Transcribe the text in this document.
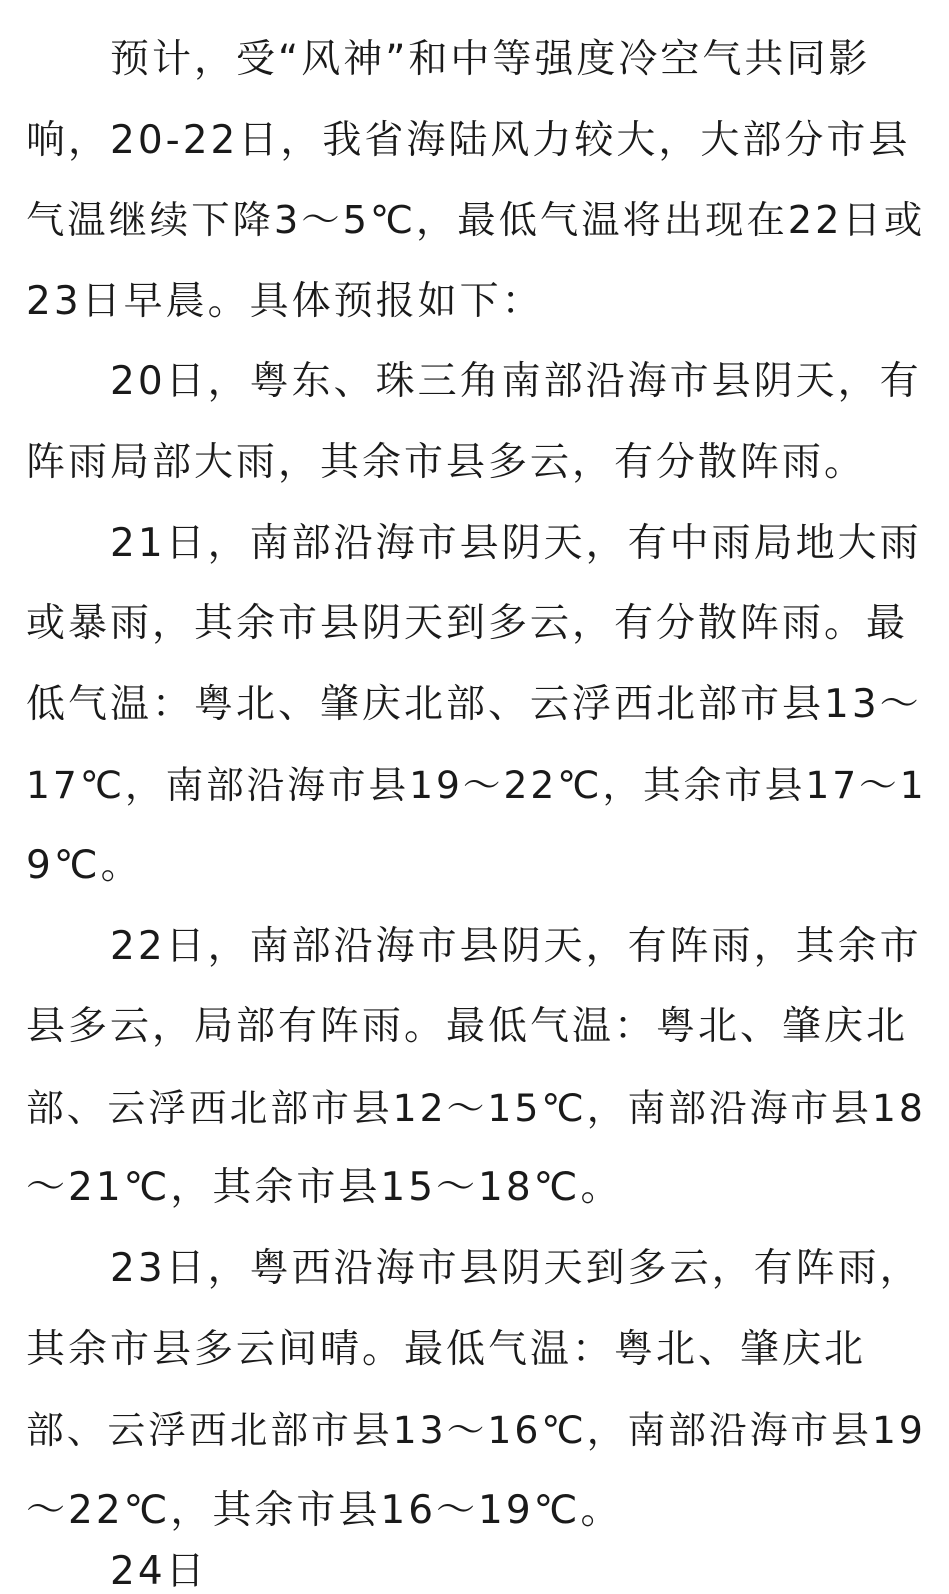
预计，受“风神”和中等强度冷空气共同影
响，20-22日，我省海陆风力较大，大部分市县
气温继续下降3～5℃，最低气温将出现在22日或
23日早晨。具体预报如下：
20日，粤东、珠三角南部沿海市县阴天，有
阵雨局部大雨，其余市县多云，有分散阵雨。
21日，南部沿海市县阴天，有中雨局地大雨
或暴雨，其余市县阴天到多云，有分散阵雨。最
低气温：粤北、肇庆北部、云浮西北部市县13～
17℃，南部沿海市县19～22℃，其余市县17～1
9℃。
22日，南部沿海市县阴天，有阵雨，其余市
县多云，局部有阵雨。最低气温：粤北、肇庆北
部、云浮西北部市县12～15℃，南部沿海市县18
～21℃，其余市县15～18℃。
23日，粤西沿海市县阴天到多云，有阵雨，
其余市县多云间晴。最低气温：粤北、肇庆北
部、云浮西北部市县13～16℃，南部沿海市县19
～22℃，其余市县16～19℃。
24日
